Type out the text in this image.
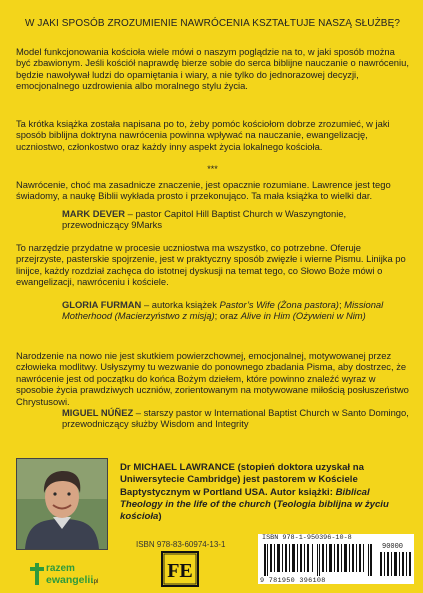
W JAKI SPOSÓB ZROZUMIENIE NAWRÓCENIA KSZTAŁTUJE NASZĄ SŁUŻBĘ?

Model funkcjonowania kościoła wiele mówi o naszym poglądzie na to, w jaki sposób można być zbawionym. Jeśli kościół naprawdę bierze sobie do serca biblijne nauczanie o nawróceniu, będzie nawoływał ludzi do opamiętania i wiary, a nie tylko do jednorazowej decyzji, emocjonalnego uzdrowienia albo moralnego stylu życia.

Ta krótka książka została napisana po to, żeby pomóc kościołom dobrze zrozumieć, w jaki sposób biblijna doktryna nawrócenia powinna wpływać na nauczanie, ewangelizację, uczniostwo, członkostwo oraz każdy inny aspekt życia lokalnego kościoła.

***

Nawrócenie, choć ma zasadnicze znaczenie, jest opacznie rozumiane. Lawrence jest tego świadomy, a naukę Biblii wykłada prosto i przekonująco. Ta mała książka to wielki dar.

MARK DEVER – pastor Capitol Hill Baptist Church w Waszyngtonie, przewodniczący 9Marks

To narzędzie przydatne w procesie uczniostwa ma wszystko, co potrzebne. Oferuje przejrzyste, pasterskie spojrzenie, jest w praktyczny sposób zwięzłe i wierne Pismu. Linijka po linijce, każdy rozdział zachęca do istotnej dyskusji na temat tego, co Słowo Boże mówi o ewangelizacji, nawróceniu i kościele.

GLORIA FURMAN – autorka książek Pastor’s Wife (Żona pastora); Missional Motherhood (Macierzyństwo z misją); oraz Alive in Him (Ożywieni w Nim)

Narodzenie na nowo nie jest skutkiem powierzchownej, emocjonalnej, motywowanej przez człowieka modlitwy. Usłyszymy tu wezwanie do ponownego zbadania Pisma, aby dostrzec, że nawrócenie jest od początku do końca Bożym dziełem, które powinno znaleźć wyraz w sposobie życia prawdziwych uczniów, zorientowanym na motywowane miłością posłuszeństwo Chrystusowi.

MIGUEL NÚÑEZ – starszy pastor w International Baptist Church w Santo Domingo, przewodniczący służby Wisdom and Integrity

Dr MICHAEL LAWRANCE (stopień doktora uzyskał na Uniwersytecie Cambridge) jest pastorem w Kościele Baptystycznym w Portland USA. Autor książki: Biblical Theology in the life of the church (Teologia biblijna w życiu kościoła)

ISBN 978-83-60974-13-1
ISBN 978-1-950396-10-8
90000
9 781950 396108
razem
ewangelii
.pl	FE
